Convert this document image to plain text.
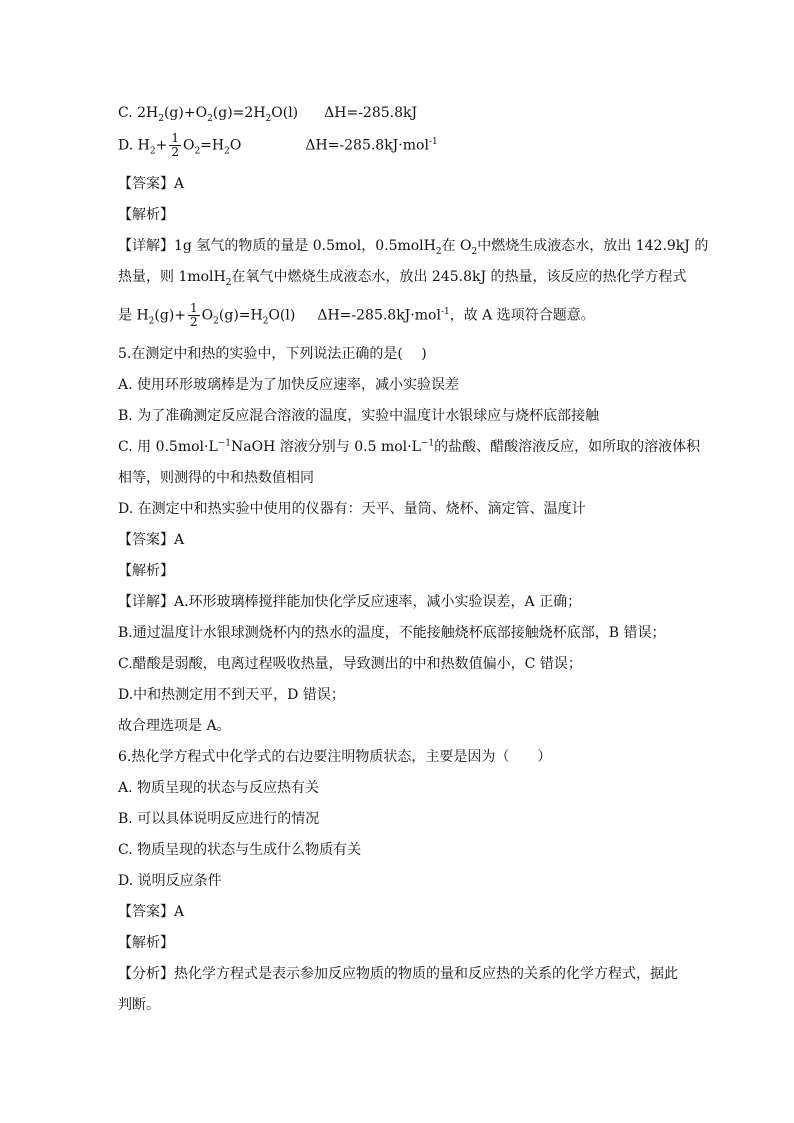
C. $2H_2(g)+O_2(g)=2H_2O(l)$ ΔH=-285.8kJ
D. $H_2+ \frac{1}{2} O_2=H_2O$	ΔH=-285.8kJ·mol$^{-1}$
【答案】A
【解析】
【详解】1g 氢气的物质的量是 0.5mol，0.5molH$_2$在 $O_2$中燃烧生成液态水，放出 142.9kJ 的
热量，则 1molH$_2$在氧气中燃烧生成液态水，放出 245.8kJ 的热量，该反应的热化学方程式
是 $H_2(g)+ \frac{1}{2} O_2(g)=H_2O(l)$ ΔH=-285.8kJ·mol$^{-1}$，故 A 选项符合题意。
5.在测定中和热的实验中，下列说法正确的是(　 )
A. 使用环形玻璃棒是为了加快反应速率，减小实验误差
B. 为了准确测定反应混合溶液的温度，实验中温度计水银球应与烧杯底部接触
C. 用 $0.5mol\cdot L^{-1}NaOH$ 溶液分别与 0.5 $mol\cdot L^{-1}$的盐酸、醋酸溶液反应，如所取的溶液体积
相等，则测得的中和热数值相同
D. 在测定中和热实验中使用的仪器有：天平、量筒、烧杯、滴定管、温度计
【答案】A
【解析】
【详解】A.环形玻璃棒搅拌能加快化学反应速率，减小实验误差，A 正确；
B.通过温度计水银球测烧杯内的热水的温度，不能接触烧杯底部接触烧杯底部，B 错误；
C.醋酸是弱酸，电离过程吸收热量，导致测出的中和热数值偏小，C 错误；
D.中和热测定用不到天平，D 错误；
故合理选项是 A。
6.热化学方程式中化学式的右边要注明物质状态，主要是因为（　　）
A. 物质呈现的状态与反应热有关
B. 可以具体说明反应进行的情况
C. 物质呈现的状态与生成什么物质有关
D. 说明反应条件
【答案】A
【解析】
【分析】热化学方程式是表示参加反应物质的物质的量和反应热的关系的化学方程式，据此
判断。
